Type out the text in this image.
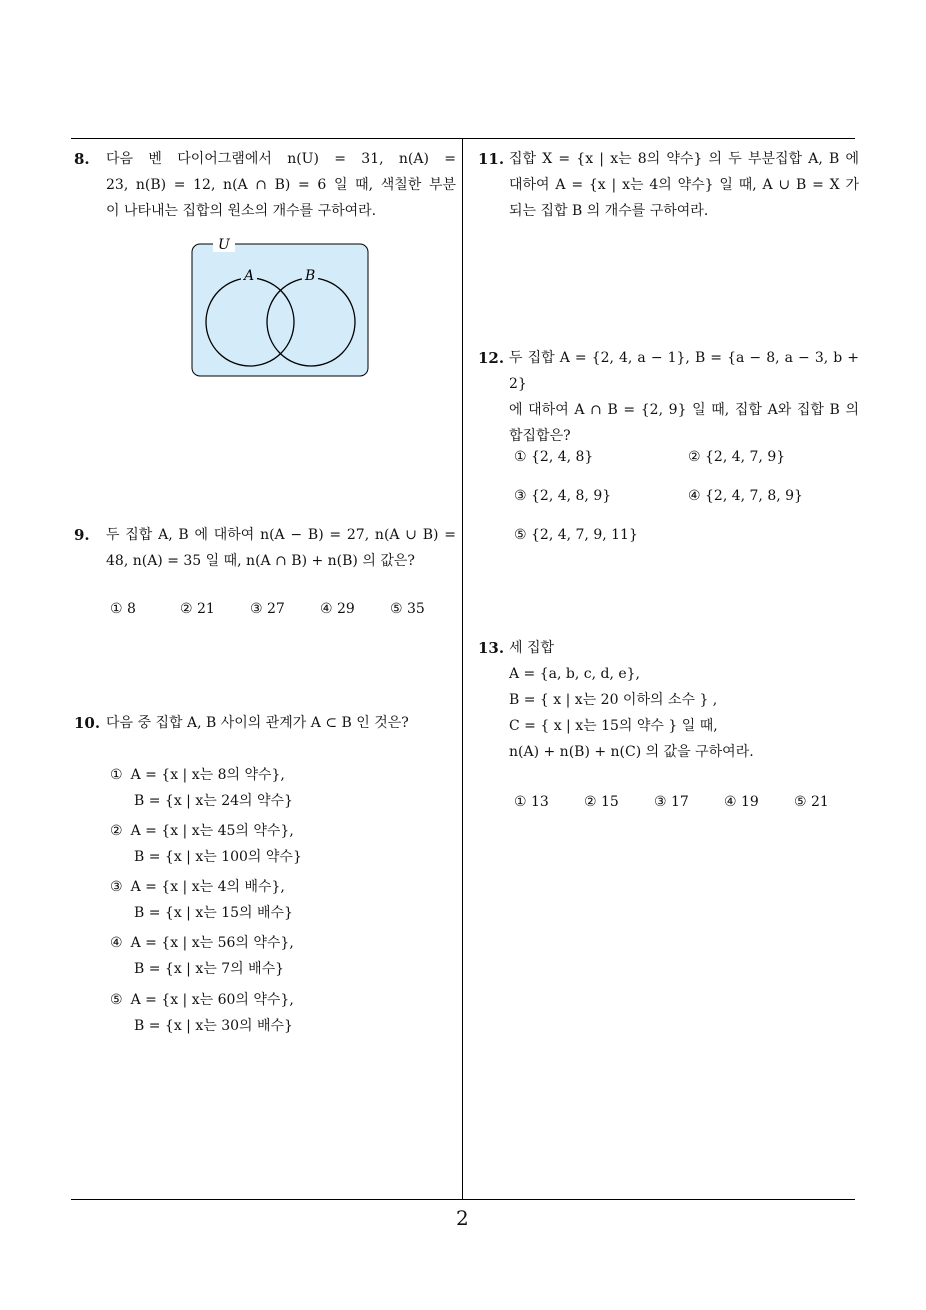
8. 다음 벤 다이어그램에서 n(U) = 31, n(A) =
23, n(B) = 12, n(A ∩ B) = 6 일 때, 색칠한 부분
이 나타내는 집합의 원소의 개수를 구하여라.
U
A	B
9. 두 집합 A, B 에 대하여 n(A − B) = 27, n(A ∪ B) =
48, n(A) = 35 일 때, n(A ∩ B) + n(B) 의 값은?
① 8	② 21	③ 27	④ 29	⑤ 35
10. 다음 중 집합 A, B 사이의 관계가 A ⊂ B 인 것은?
① A = {x | x는 8의 약수},
B = {x | x는 24의 약수}
② A = {x | x는 45의 약수},
B = {x | x는 100의 약수}
③ A = {x | x는 4의 배수},
B = {x | x는 15의 배수}
④ A = {x | x는 56의 약수},
B = {x | x는 7의 배수}
⑤ A = {x | x는 60의 약수},
B = {x | x는 30의 배수}
11. 집합 X = {x | x는 8의 약수} 의 두 부분집합 A, B 에
대하여 A = {x | x는 4의 약수} 일 때, A ∪ B = X 가
되는 집합 B 의 개수를 구하여라.
12. 두 집합 A = {2, 4, a − 1}, B = {a − 8, a − 3, b + 2}
에 대하여 A ∩ B = {2, 9} 일 때, 집합 A와 집합 B 의
합집합은?
① {2, 4, 8}	② {2, 4, 7, 9}
③ {2, 4, 8, 9}	④ {2, 4, 7, 8, 9}
⑤ {2, 4, 7, 9, 11}
13. 세 집합
A = {a, b, c, d, e},
B = { x | x는 20 이하의 소수 } ,
C = { x | x는 15의 약수 } 일 때,
n(A) + n(B) + n(C) 의 값을 구하여라.
① 13	② 15	③ 17	④ 19	⑤ 21
2
